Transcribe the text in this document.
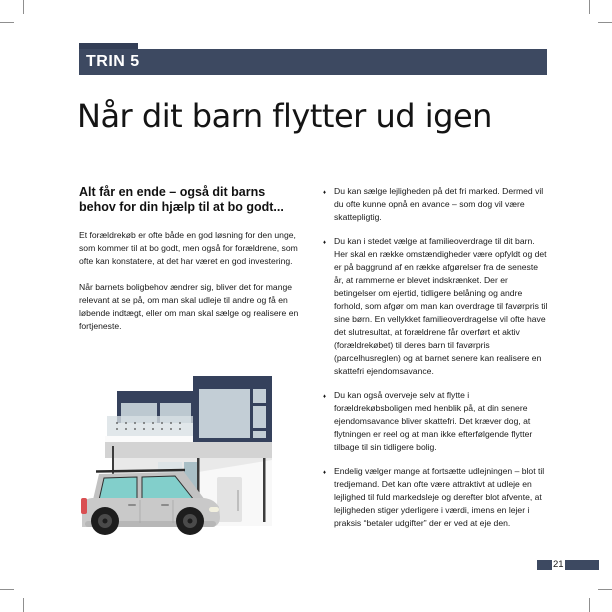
TRIN 5
Når dit barn flytter ud igen
Alt får en ende – også dit barns behov for din hjælp til at bo godt...
Et forældrekøb er ofte både en god løsning for den unge, som kommer til at bo godt, men også for forældrene, som ofte kan konstatere, at det har været en god investering.
Når barnets boligbehov ændrer sig, bliver det for mange relevant at se på, om man skal udleje til andre og få en løbende indtægt, eller om man skal sælge og realisere en fortjeneste.
♦ Du kan sælge lejligheden på det fri marked. Dermed vil du ofte kunne opnå en avance – som dog vil være skattepligtig.
♦ Du kan i stedet vælge at familieoverdrage til dit barn. Her skal en række omstændigheder være opfyldt og det er på baggrund af en række afgørelser fra de seneste år, at rammerne er blevet indskrænket. Der er betingelser om ejertid, tidligere belåning og andre forhold, som afgør om man kan overdrage til favørpris til sine børn. En vellykket familieoverdragelse vil ofte have det slutresultat, at forældrene får overført et aktiv (forældrekøbet) til deres barn til favørpris (parcelhusreglen) og at barnet senere kan realisere en skattefri ejendomsavance.
♦ Du kan også overveje selv at flytte i forældrekøbsboligen med henblik på, at din senere ejendomsavance bliver skattefri. Det kræver dog, at flytningen er reel og at man ikke efterfølgende flytter tilbage til sin tidligere bolig.
♦ Endelig vælger mange at fortsætte udlejningen – blot til tredjemand. Det kan ofte være attraktivt at udleje en lejlighed til fuld markedsleje og derefter blot afvente, at lejligheden stiger yderligere i værdi, imens en lejer i praksis “betaler udgifter” der er ved at eje den.
21
